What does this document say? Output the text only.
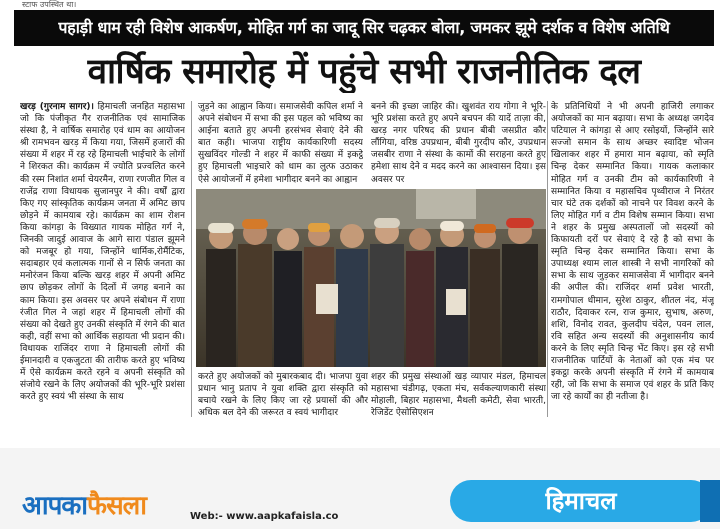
स्टाफ उपस्थित था।
पहाड़ी धाम रही विशेष आकर्षण, मोहित गर्ग का जादू सिर चढ़कर बोला, जमकर झूमे दर्शक व विशेष अतिथि
वार्षिक समारोह में पहुंचे सभी राजनीतिक दल
खरड़ (गुरनाम सागर)। हिमाचली जनहित महासभा जो कि पंजीकृत गैर राजनीतिक एवं सामाजिक संस्था है, ने वार्षिक समारोह एवं धाम का आयोजन श्री रामभवन खरड़ में किया गया, जिसमें हजारों की संख्या में शहर में रह रहे हिमाचली भाईचारे के लोगों ने शिरकत की। कार्यक्रम में ज्योति प्रज्वलित करने की रस्म निशांत शर्मा चेयरमैन, राणा रणजीत गिल व राजेंद्र राणा विधायक सुजानपुर ने की। वर्षों द्वारा किए गए सांस्कृतिक कार्यक्रम जनता में अमिट छाप छोड़ने में कामयाब रहे। कार्यक्रम का शाम रोशन किया कांगड़ा के विख्यात गायक मोहित गर्ग ने, जिनकी जादुई आवाज के आगे सारा पंडाल झूमने को मजबूर हो गया, जिन्होंने धार्मिक,रोमैंटिक, सदाबहार एवं कलात्मक गानों से न सिर्फ जनता का मनोरंजन किया बल्कि खरड़ शहर में अपनी अमिट छाप छोड़कर लोगों के दिलों में जगह बनाने का काम किया। इस अवसर पर अपने संबोधन में राणा रंजीत गिल ने जहां शहर में हिमाचली लोगों की संख्या को देखते हुए उनकी संस्कृति में रंगने की बात कही, वहीं सभा को आर्थिक सहायता भी प्रदान की। विधायक राजिंदर राणा ने हिमाचली लोगों की ईमानदारी व एकजुटता की तारीफ करते हुए भविष्य में ऐसे कार्यक्रम करते रहने व अपनी संस्कृति को संजोये रखने के लिए अयोजकों की भूरि-भूरि प्रशंसा करते हुए स्वयं भी संस्था के साथ
जुड़ने का आह्वान किया। समाजसेवी कपिल शर्मा ने अपने संबोधन में सभा की इस पहल को भविष्य का आईना बताते हुए अपनी हरसंभव सेवाएं देने की बात कही। भाजपा राष्ट्रीय कार्यकारिणी सदस्य सुखविंदर गोल्डी ने शहर में काफी संख्या में इकट्ठे हुए हिमाचली भाइचारे को धाम का लुत्फ उठाकर ऐसे आयोजनों में हमेशा भागीदार बनने का आह्वान
बनने की इच्छा जाहिर की। खुशवंत राय गोगा ने भूरि-भूरि प्रशंसा करते हुए अपने बचपन की यादें ताज़ा की, खरड़ नगर परिषद की प्रधान बीबी जसप्रीत कौर लौंगिया, वरिष्ठ उपप्रधान, बीबी गुरदीप कौर, उपप्रधान जसबीर राणा ने संस्था के कामों की सराहना करते हुए हमेशा साथ देने व मदद करने का आश्वासन दिया। इस अवसर पर
के प्रतिनिधियों ने भी अपनी हाजिरी लगाकर अयोजकों का मान बढ़ाया। सभा के अध्यक्ष जगदेव पटियाल ने कांगड़ा से आए रसोइयों, जिन्होंने सारे सज्जो समान के साथ अच्छर स्वादिष्ट भोजन खिलाकर शहर में हमारा मान बढ़ाया, को स्मृति चिन्ह देकर सम्मानित किया। गायक कलाकार मोहित गर्ग व उनकी टीम को कार्यकारिणी ने सम्मानित किया व महासचिव पृथ्वीराज ने निरंतर चार घंटे तक दर्शकों को नाचने पर विवश करने के लिए मोहित गर्ग व टीम विशेष सम्मान किया। सभा ने शहर के प्रमुख अस्पतालों जो सदस्यों को किफायती दरों पर सेवाएं दे रहे है को सभा के स्मृति चिन्ह देकर सम्मानित किया। सभा के उपाध्यक्ष श्याम लाल शास्त्री ने सभी नागरिकों को सभा के साथ जुड़कर समाजसेवा में भागीदार बनने की अपील की। राजिंदर शर्मा प्रवेश भारती, रामगोपाल धीमान, सुरेश ठाकुर, शीतल नंद, मंजू राठौर, दिवाकर रत्न, राज कुमार, सुभाष, अरुण, शशि, विनोद रावत, कुलदीप चंदेल, पवन लाल, रवि सहित अन्य सदस्यों की अनुशासनीय कार्य करने के लिए स्मृति चिन्ह भेंट किए। इस रहे सभी राजनीतिक पार्टियों के नेताओं को एक मंच पर इकट्ठा करके अपनी संस्कृति में रंगने में कामयाब रही, जो कि सभा के समाज एवं शहर के प्रति किए जा रहे कार्यों का ही नतीजा है।
करते हुए अयोजकों को मुबारकबाद दी। भाजपा युवा प्रधान भानु प्रताप ने युवा शक्ति द्वारा संस्कृति को बचाये रखने के लिए किए जा रहे प्रयासों की और अधिक बल देने की जरूरत व स्वयं भागीदार
शहर की प्रमुख संस्थाओं खड़ व्यापार मंडल, हिमाचल महासभा चंडीगढ़, एकता मंच, सर्वकल्याणकारी संस्था मोहाली, बिहार महासभा, मैथली कमेटी, सेवा भारती, रेजिडेंट ऐसोसिएशन
आपकाफैसला	Web:- www.aapkafaisla.co
हिमाचल
